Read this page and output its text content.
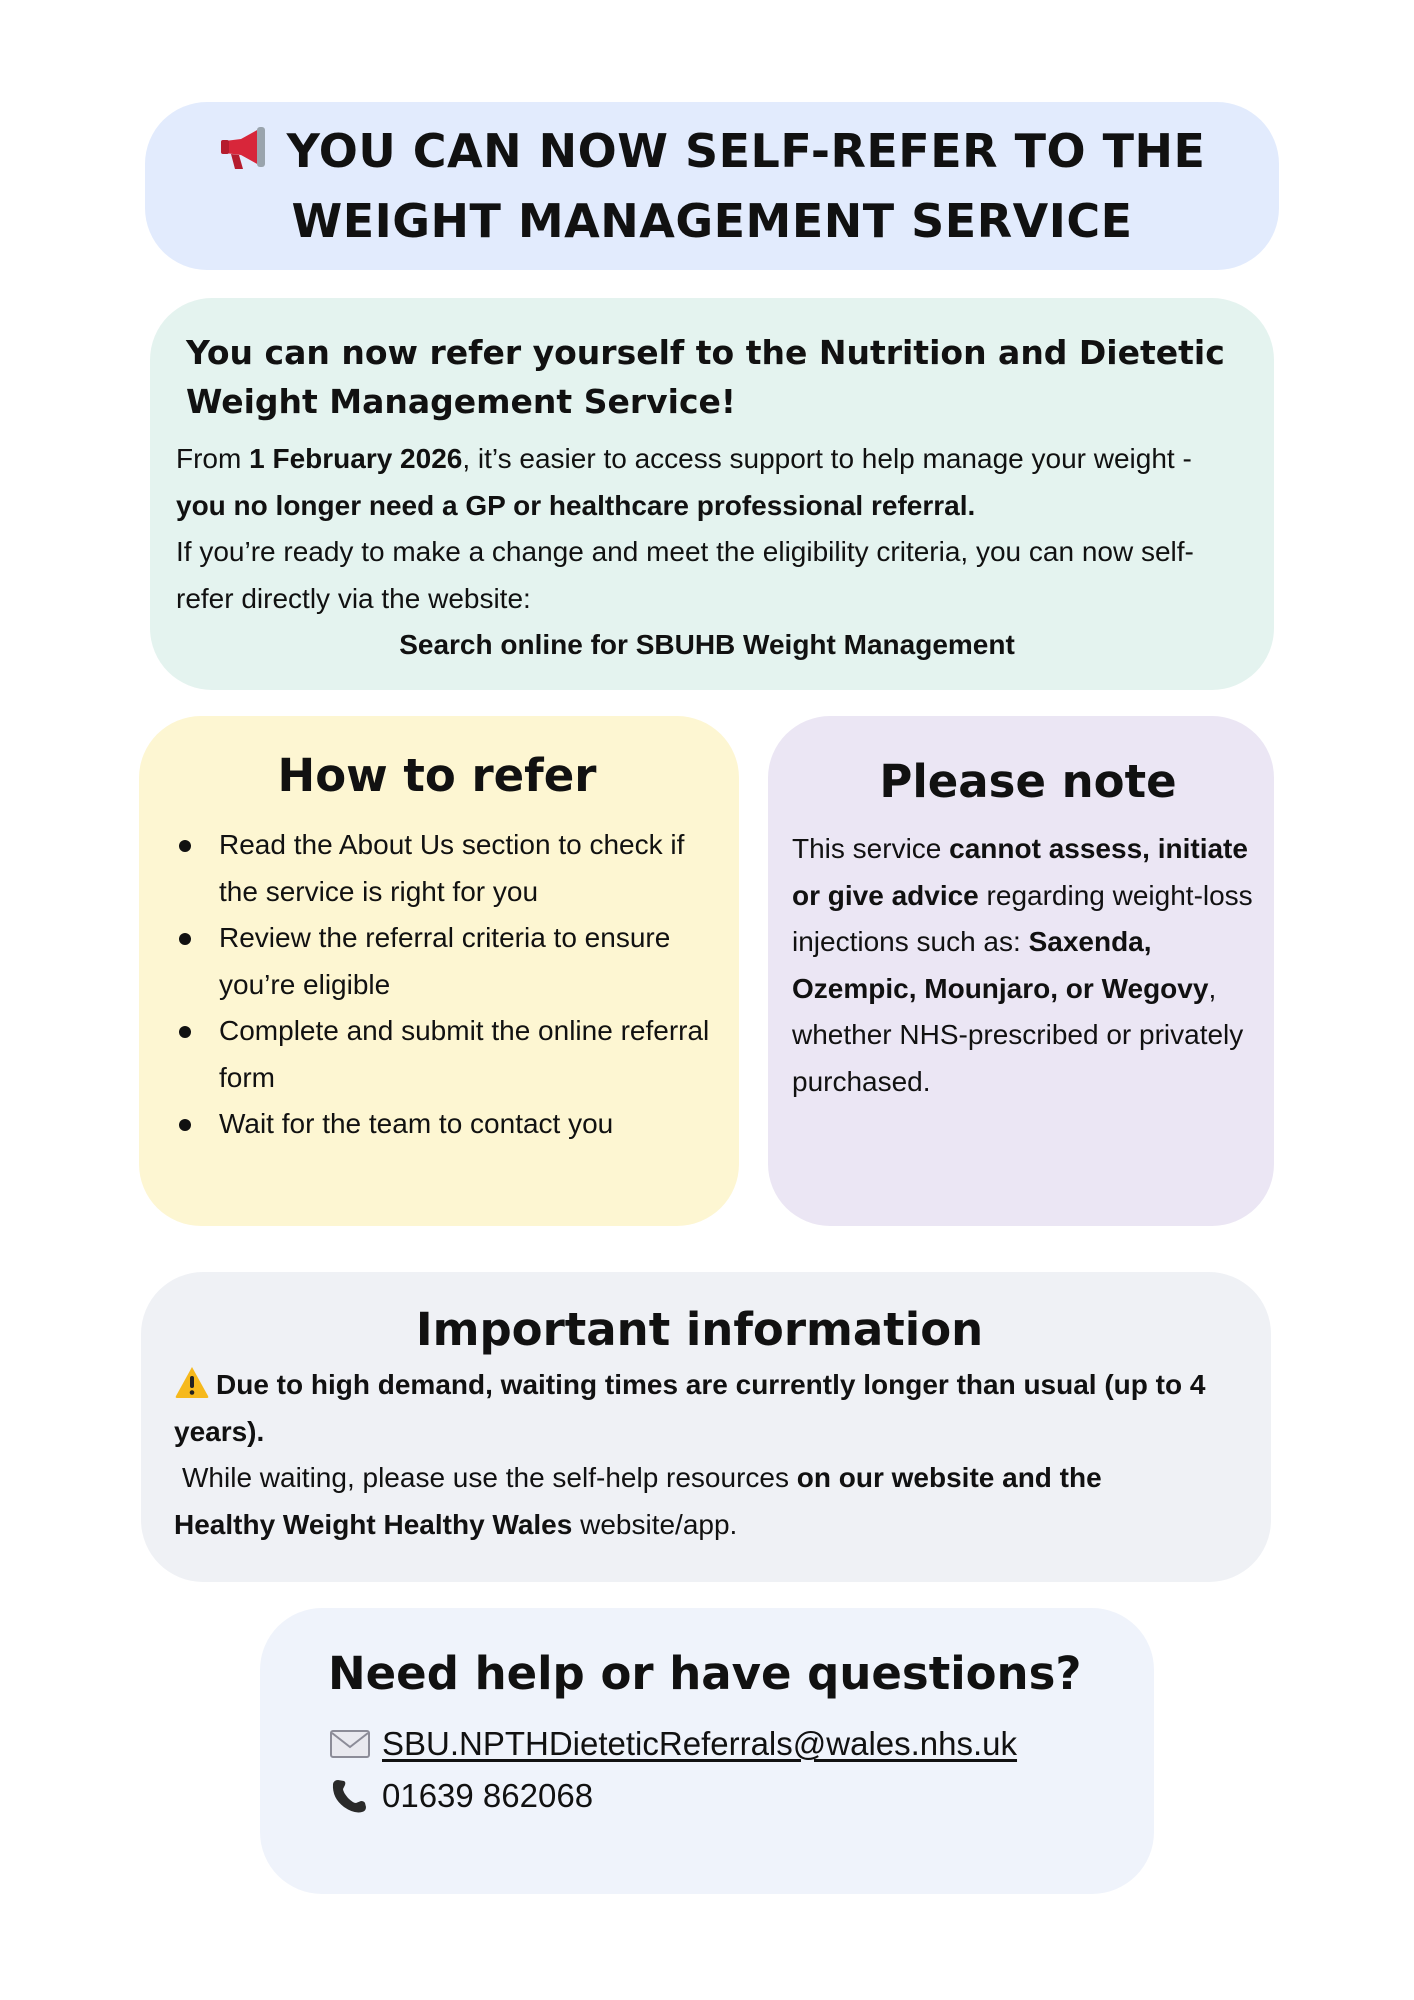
YOU CAN NOW SELF-REFER TO THE
WEIGHT MANAGEMENT SERVICE

You can now refer yourself to the Nutrition and Dietetic Weight Management Service!

From 1 February 2026, it’s easier to access support to help manage your weight - you no longer need a GP or healthcare professional referral.

If you’re ready to make a change and meet the eligibility criteria, you can now self-refer directly via the website:

Search online for SBUHB Weight Management

How to refer

Read the About Us section to check if the service is right for you
Review the referral criteria to ensure you’re eligible
Complete and submit the online referral form
Wait for the team to contact you

Please note

This service cannot assess, initiate or give advice regarding weight-loss injections such as: Saxenda, Ozempic, Mounjaro, or Wegovy, whether NHS-prescribed or privately purchased.

Important information

Due to high demand, waiting times are currently longer than usual (up to 4 years).

While waiting, please use the self-help resources on our website and the
Healthy Weight Healthy Wales website/app.

Need help or have questions?

SBU.NPTHDieteticReferrals@wales.nhs.uk
01639 862068
